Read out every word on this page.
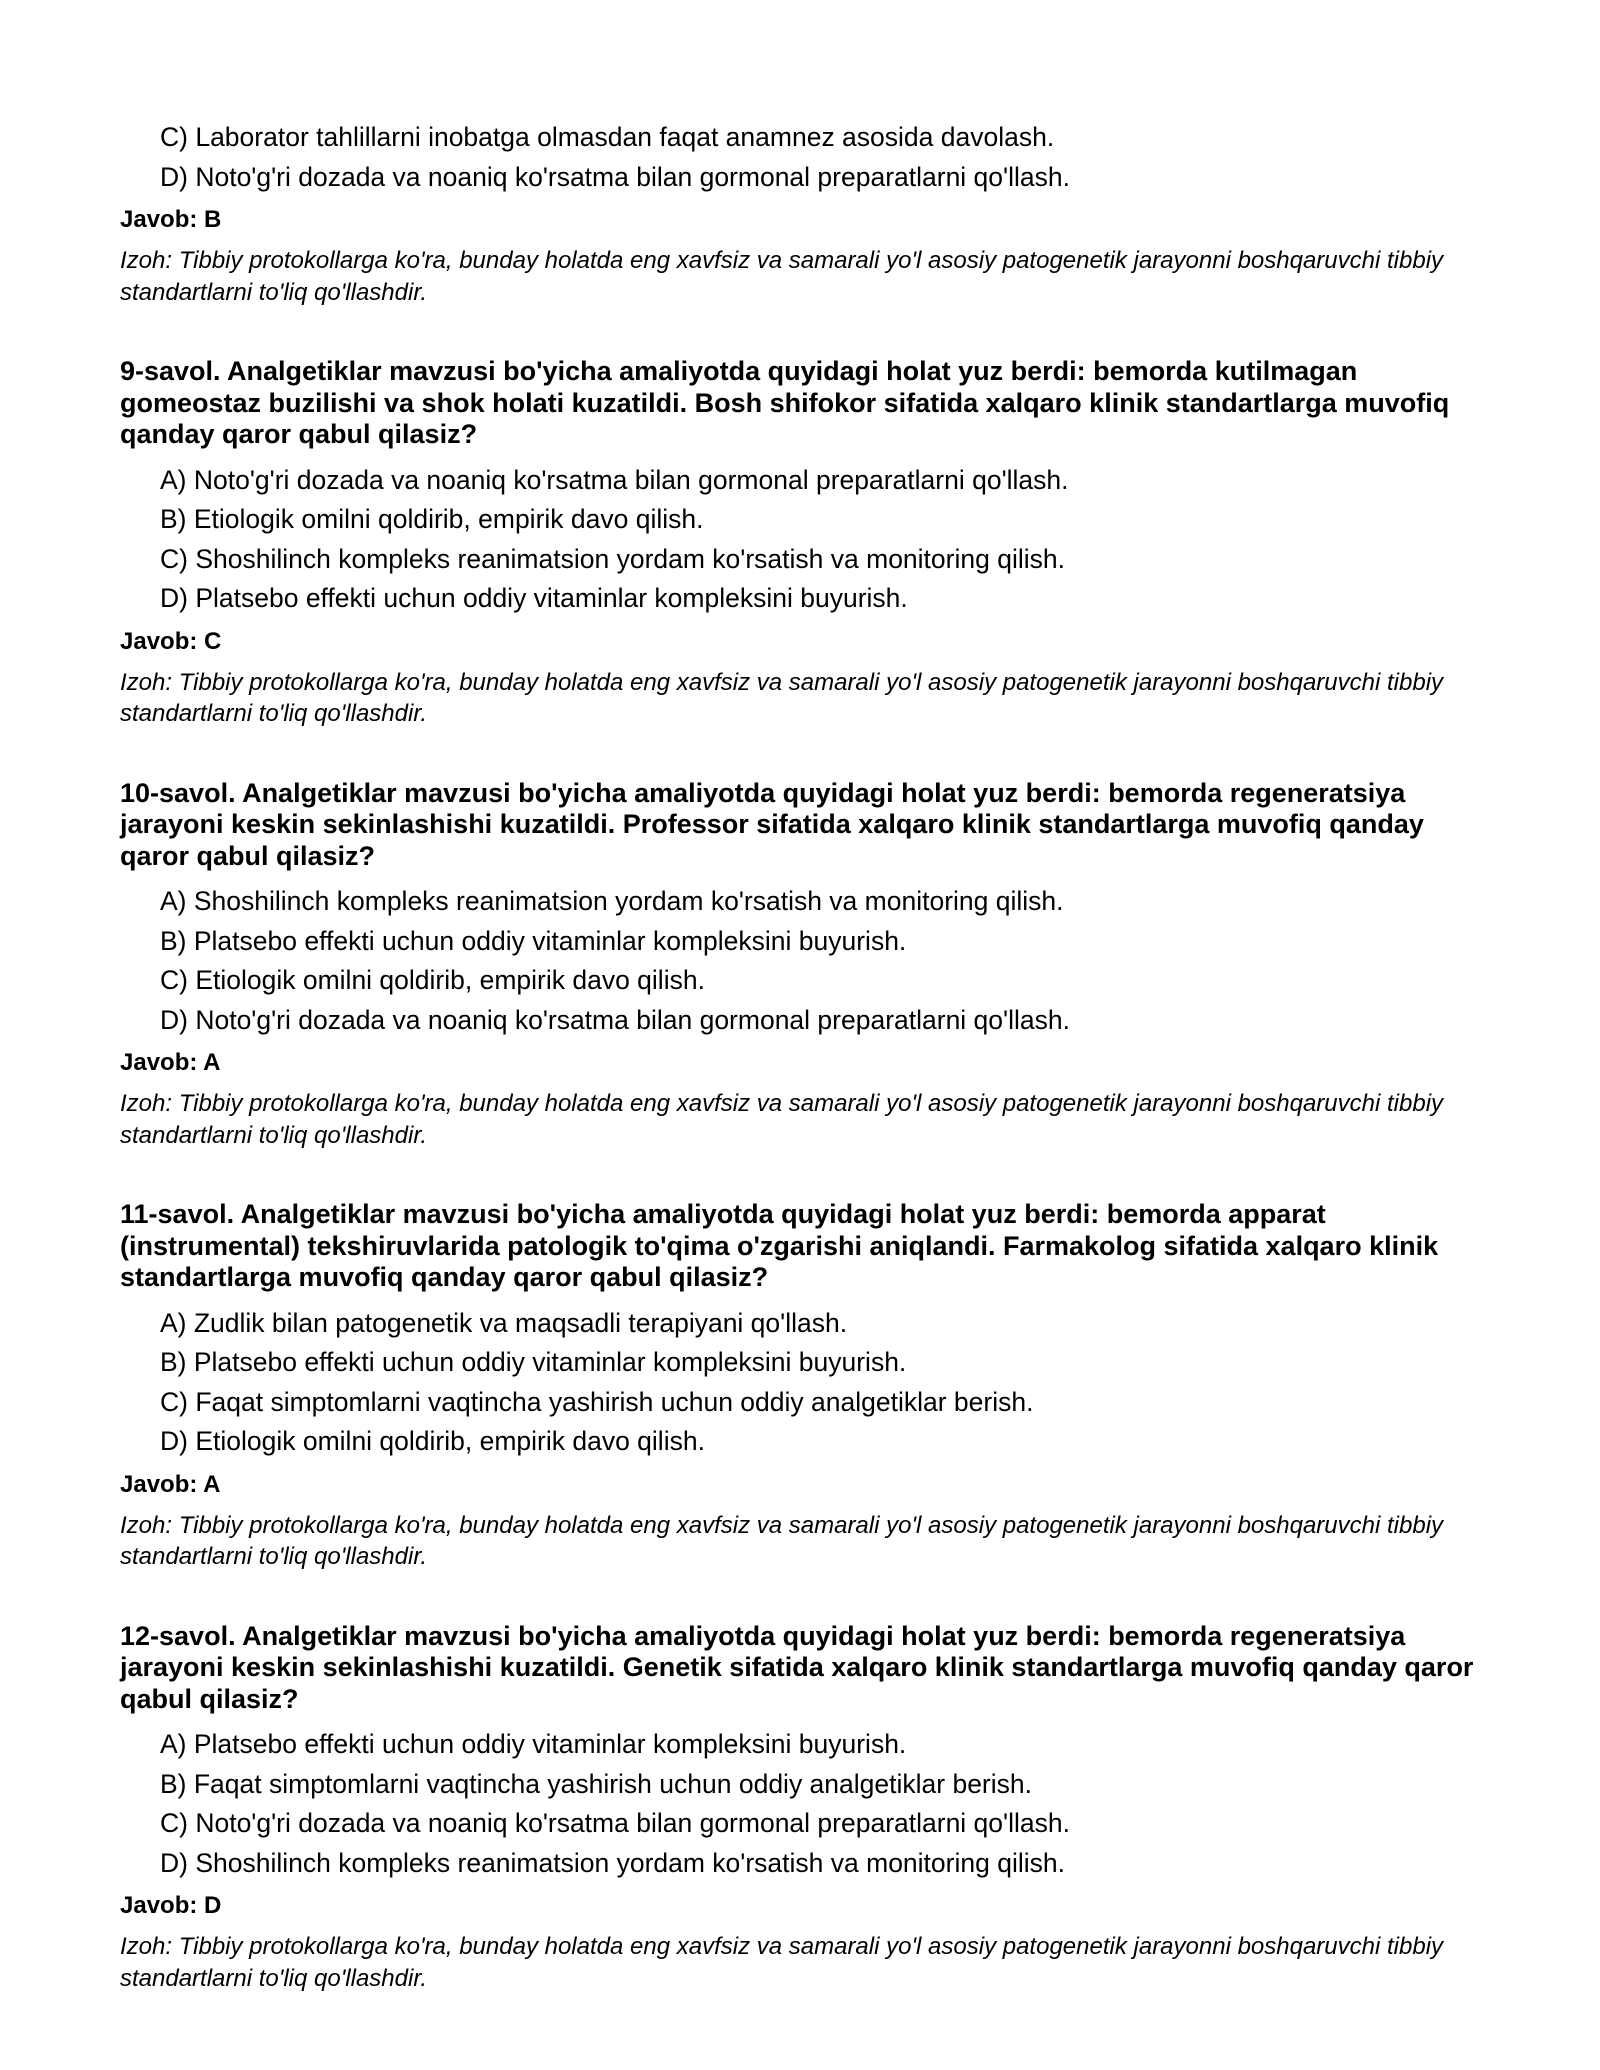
C) Laborator tahlillarni inobatga olmasdan faqat anamnez asosida davolash.
D) Noto'g'ri dozada va noaniq ko'rsatma bilan gormonal preparatlarni qo'llash.
Javob: B
Izoh: Tibbiy protokollarga ko'ra, bunday holatda eng xavfsiz va samarali yo'l asosiy patogenetik jarayonni boshqaruvchi tibbiy standartlarni to'liq qo'llashdir.
9-savol. Analgetiklar mavzusi bo'yicha amaliyotda quyidagi holat yuz berdi: bemorda kutilmagan gomeostaz buzilishi va shok holati kuzatildi. Bosh shifokor sifatida xalqaro klinik standartlarga muvofiq qanday qaror qabul qilasiz?
A) Noto'g'ri dozada va noaniq ko'rsatma bilan gormonal preparatlarni qo'llash.
B) Etiologik omilni qoldirib, empirik davo qilish.
C) Shoshilinch kompleks reanimatsion yordam ko'rsatish va monitoring qilish.
D) Platsebo effekti uchun oddiy vitaminlar kompleksini buyurish.
Javob: C
Izoh: Tibbiy protokollarga ko'ra, bunday holatda eng xavfsiz va samarali yo'l asosiy patogenetik jarayonni boshqaruvchi tibbiy standartlarni to'liq qo'llashdir.
10-savol. Analgetiklar mavzusi bo'yicha amaliyotda quyidagi holat yuz berdi: bemorda regeneratsiya jarayoni keskin sekinlashishi kuzatildi. Professor sifatida xalqaro klinik standartlarga muvofiq qanday qaror qabul qilasiz?
A) Shoshilinch kompleks reanimatsion yordam ko'rsatish va monitoring qilish.
B) Platsebo effekti uchun oddiy vitaminlar kompleksini buyurish.
C) Etiologik omilni qoldirib, empirik davo qilish.
D) Noto'g'ri dozada va noaniq ko'rsatma bilan gormonal preparatlarni qo'llash.
Javob: A
Izoh: Tibbiy protokollarga ko'ra, bunday holatda eng xavfsiz va samarali yo'l asosiy patogenetik jarayonni boshqaruvchi tibbiy standartlarni to'liq qo'llashdir.
11-savol. Analgetiklar mavzusi bo'yicha amaliyotda quyidagi holat yuz berdi: bemorda apparat (instrumental) tekshiruvlarida patologik to'qima o'zgarishi aniqlandi. Farmakolog sifatida xalqaro klinik standartlarga muvofiq qanday qaror qabul qilasiz?
A) Zudlik bilan patogenetik va maqsadli terapiyani qo'llash.
B) Platsebo effekti uchun oddiy vitaminlar kompleksini buyurish.
C) Faqat simptomlarni vaqtincha yashirish uchun oddiy analgetiklar berish.
D) Etiologik omilni qoldirib, empirik davo qilish.
Javob: A
Izoh: Tibbiy protokollarga ko'ra, bunday holatda eng xavfsiz va samarali yo'l asosiy patogenetik jarayonni boshqaruvchi tibbiy standartlarni to'liq qo'llashdir.
12-savol. Analgetiklar mavzusi bo'yicha amaliyotda quyidagi holat yuz berdi: bemorda regeneratsiya jarayoni keskin sekinlashishi kuzatildi. Genetik sifatida xalqaro klinik standartlarga muvofiq qanday qaror qabul qilasiz?
A) Platsebo effekti uchun oddiy vitaminlar kompleksini buyurish.
B) Faqat simptomlarni vaqtincha yashirish uchun oddiy analgetiklar berish.
C) Noto'g'ri dozada va noaniq ko'rsatma bilan gormonal preparatlarni qo'llash.
D) Shoshilinch kompleks reanimatsion yordam ko'rsatish va monitoring qilish.
Javob: D
Izoh: Tibbiy protokollarga ko'ra, bunday holatda eng xavfsiz va samarali yo'l asosiy patogenetik jarayonni boshqaruvchi tibbiy standartlarni to'liq qo'llashdir.
